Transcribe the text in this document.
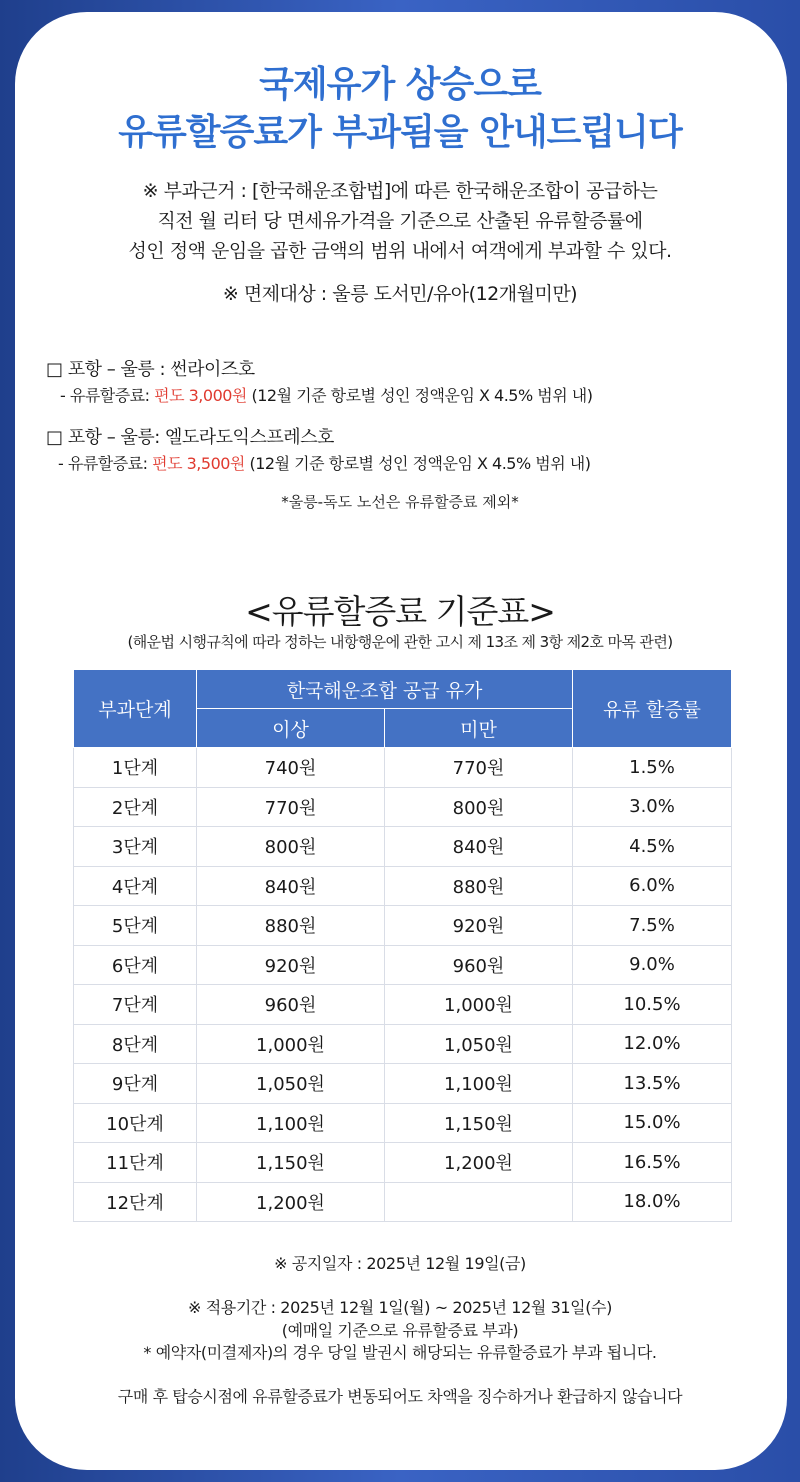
국제유가 상승으로
유류할증료가 부과됨을 안내드립니다
※ 부과근거 : [한국해운조합법]에 따른 한국해운조합이 공급하는
직전 월 리터 당 면세유가격을 기준으로 산출된 유류할증률에
성인 정액 운임을 곱한 금액의 범위 내에서 여객에게 부과할 수 있다.
※ 면제대상 : 울릉 도서민/유아(12개월미만)
□ 포항 – 울릉 : 썬라이즈호
- 유류할증료: 편도 3,000원 (12월 기준 항로별 성인 정액운임 X 4.5% 범위 내)
□ 포항 – 울릉: 엘도라도익스프레스호
- 유류할증료: 편도 3,500원 (12월 기준 항로별 성인 정액운임 X 4.5% 범위 내)
*울릉-독도 노선은 유류할증료 제외*
<유류할증료 기준표>
(해운법 시행규칙에 따라 정하는 내항행운에 관한 고시 제 13조 제 3항 제2호 마목 관련)
부과단계	한국해운조합 공급 유가		유류 할증률
	이상	미만	
1단계	740원	770원	1.5%
2단계	770원	800원	3.0%
3단계	800원	840원	4.5%
4단계	840원	880원	6.0%
5단계	880원	920원	7.5%
6단계	920원	960원	9.0%
7단계	960원	1,000원	10.5%
8단계	1,000원	1,050원	12.0%
9단계	1,050원	1,100원	13.5%
10단계	1,100원	1,150원	15.0%
11단계	1,150원	1,200원	16.5%
12단계	1,200원		18.0%
※ 공지일자 : 2025년 12월 19일(금)
※ 적용기간 : 2025년 12월 1일(월) ~ 2025년 12월 31일(수)
(예매일 기준으로 유류할증료 부과)
* 예약자(미결제자)의 경우 당일 발권시 해당되는 유류할증료가 부과 됩니다.
구매 후 탑승시점에 유류할증료가 변동되어도 차액을 징수하거나 환급하지 않습니다
